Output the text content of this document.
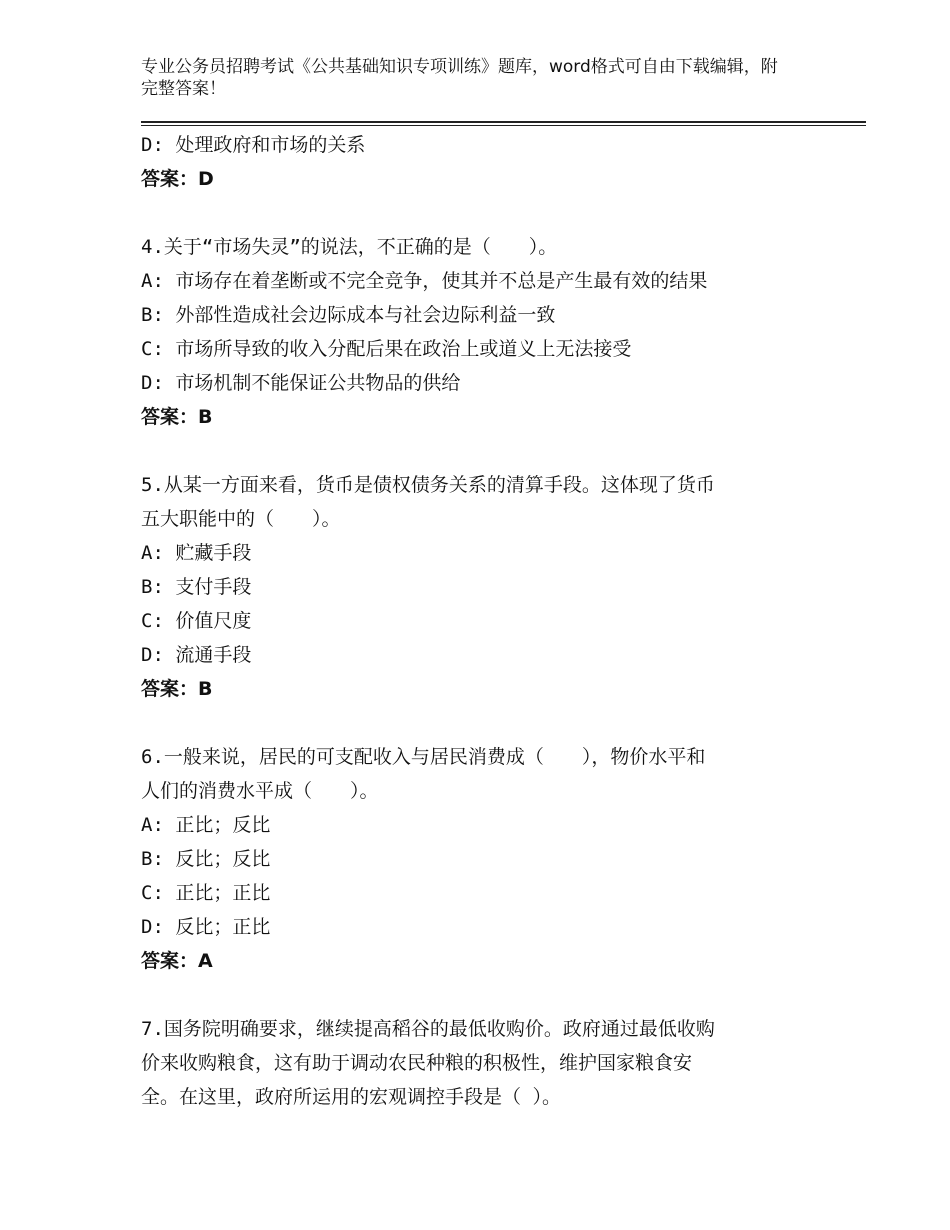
专业公务员招聘考试《公共基础知识专项训练》题库，word格式可自由下载编辑，附完整答案！
D: 处理政府和市场的关系
答案：D
4.关于“市场失灵”的说法，不正确的是（　　）。
A: 市场存在着垄断或不完全竞争，使其并不总是产生最有效的结果
B: 外部性造成社会边际成本与社会边际利益一致
C: 市场所导致的收入分配后果在政治上或道义上无法接受
D: 市场机制不能保证公共物品的供给
答案：B
5.从某一方面来看，货币是债权债务关系的清算手段。这体现了货币
五大职能中的（　　）。
A: 贮藏手段
B: 支付手段
C: 价值尺度
D: 流通手段
答案：B
6.一般来说，居民的可支配收入与居民消费成（　　），物价水平和
人们的消费水平成（　　）。
A: 正比；反比
B: 反比；反比
C: 正比；正比
D: 反比；正比
答案：A
7.国务院明确要求，继续提高稻谷的最低收购价。政府通过最低收购
价来收购粮食，这有助于调动农民种粮的积极性，维护国家粮食安
全。在这里，政府所运用的宏观调控手段是（ ）。
